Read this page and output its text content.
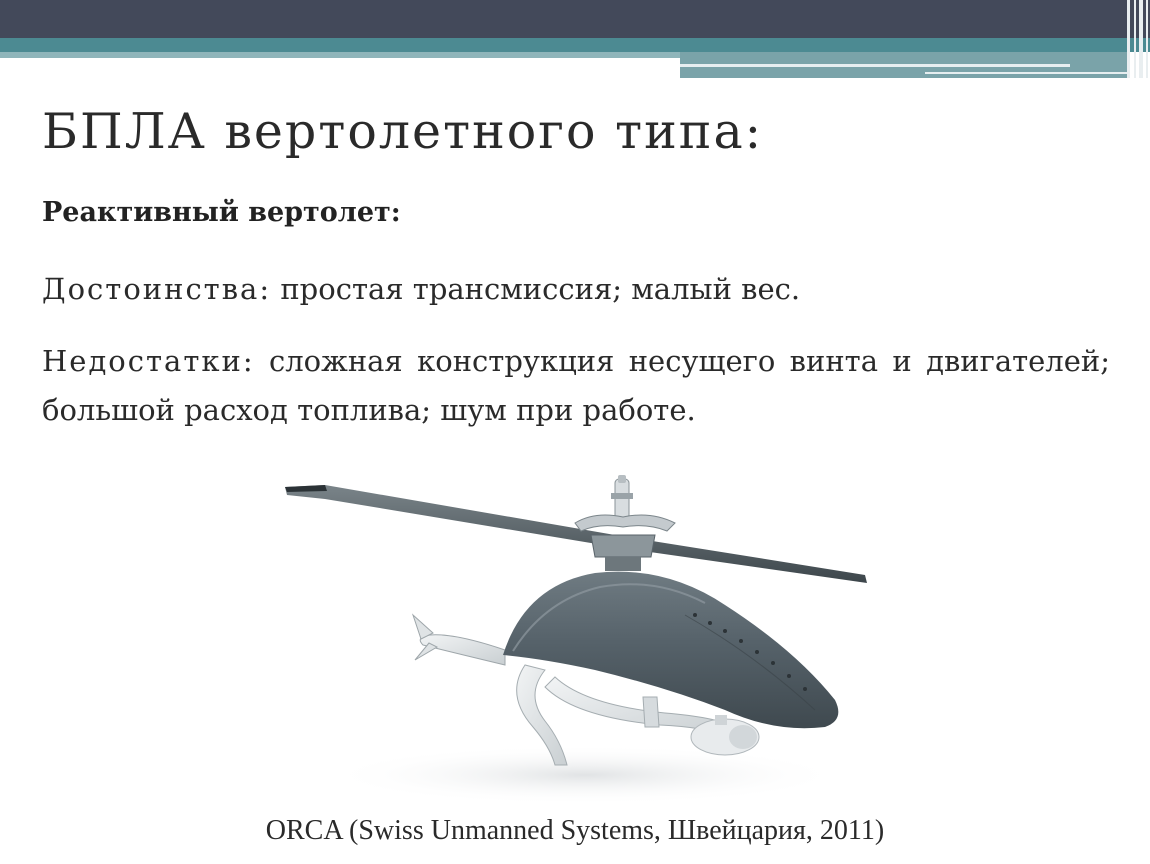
БПЛА вертолетного типа:

Реактивный вертолет:

Достоинства: простая трансмиссия; малый вес.

Недостатки: сложная конструкция несущего винта и двигателей; большой расход топлива; шум при работе.

ORCA (Swiss Unmanned Systems, Швейцария, 2011)
